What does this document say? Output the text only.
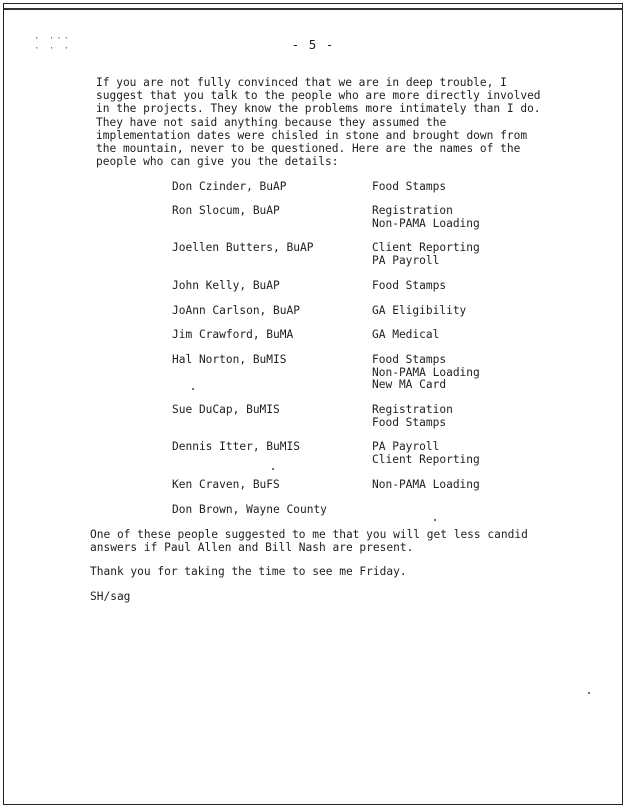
· ···
· · ·	- 5 -

If you are not fully convinced that we are in deep trouble, I suggest that you talk to the people who are more directly involved in the projects. They know the problems more intimately than I do. They have not said anything because they assumed the implementation dates were chisled in stone and brought down from the mountain, never to be questioned. Here are the names of the people who can give you the details:

Don Czinder, BuAP	Food Stamps
Ron Slocum, BuAP	Registration
Non-PAMA Loading
Joellen Butters, BuAP	Client Reporting
PA Payroll
John Kelly, BuAP	Food Stamps
JoAnn Carlson, BuAP	GA Eligibility
Jim Crawford, BuMA	GA Medical
Hal Norton, BuMIS	Food Stamps
Non-PAMA Loading
New MA Card
Sue DuCap, BuMIS	Registration
Food Stamps
Dennis Itter, BuMIS	PA Payroll
Client Reporting
Ken Craven, BuFS	Non-PAMA Loading
Don Brown, Wayne County
One of these people suggested to me that you will get less candid answers if Paul Allen and Bill Nash are present.
Thank you for taking the time to see me Friday.
SH/sag
